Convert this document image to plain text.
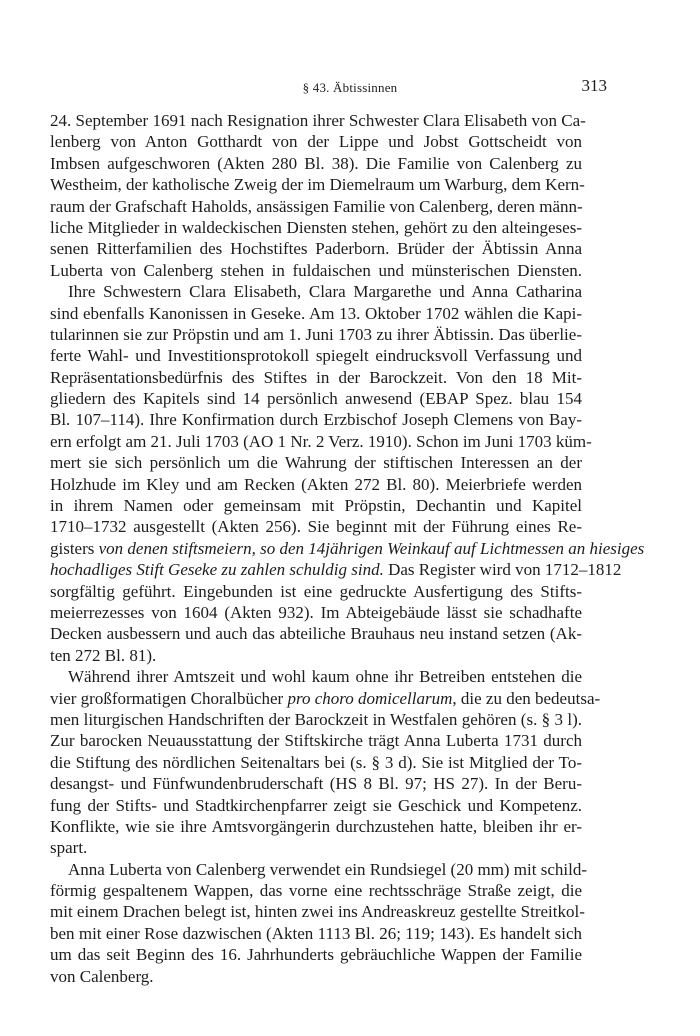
§ 43. Äbtissinnen	313
24. September 1691 nach Resignation ihrer Schwester Clara Elisabeth von Ca-
lenberg von Anton Gotthardt von der Lippe und Jobst Gottscheidt von
Imbsen aufgeschworen (Akten 280 Bl. 38). Die Familie von Calenberg zu
Westheim, der katholische Zweig der im Diemelraum um Warburg, dem Kern-
raum der Grafschaft Haholds, ansässigen Familie von Calenberg, deren männ-
liche Mitglieder in waldeckischen Diensten stehen, gehört zu den alteingeses-
senen Ritterfamilien des Hochstiftes Paderborn. Brüder der Äbtissin Anna
Luberta von Calenberg stehen in fuldaischen und münsterischen Diensten.
Ihre Schwestern Clara Elisabeth, Clara Margarethe und Anna Catharina
sind ebenfalls Kanonissen in Geseke. Am 13. Oktober 1702 wählen die Kapi-
tularinnen sie zur Pröpstin und am 1. Juni 1703 zu ihrer Äbtissin. Das überlie-
ferte Wahl- und Investitionsprotokoll spiegelt eindrucksvoll Verfassung und
Repräsentationsbedürfnis des Stiftes in der Barockzeit. Von den 18 Mit-
gliedern des Kapitels sind 14 persönlich anwesend (EBAP Spez. blau 154
Bl. 107–114). Ihre Konfirmation durch Erzbischof Joseph Clemens von Bay-
ern erfolgt am 21. Juli 1703 (AO 1 Nr. 2 Verz. 1910). Schon im Juni 1703 küm-
mert sie sich persönlich um die Wahrung der stiftischen Interessen an der
Holzhude im Kley und am Recken (Akten 272 Bl. 80). Meierbriefe werden
in ihrem Namen oder gemeinsam mit Pröpstin, Dechantin und Kapitel
1710–1732 ausgestellt (Akten 256). Sie beginnt mit der Führung eines Re-
gisters von denen stiftsmeiern, so den 14jährigen Weinkauf auf Lichtmessen an hiesiges
hochadliges Stift Geseke zu zahlen schuldig sind. Das Register wird von 1712–1812
sorgfältig geführt. Eingebunden ist eine gedruckte Ausfertigung des Stifts-
meierrezesses von 1604 (Akten 932). Im Abteigebäude lässt sie schadhafte
Decken ausbessern und auch das abteiliche Brauhaus neu instand setzen (Ak-
ten 272 Bl. 81).
Während ihrer Amtszeit und wohl kaum ohne ihr Betreiben entstehen die
vier großformatigen Choralbücher pro choro domicellarum, die zu den bedeutsa-
men liturgischen Handschriften der Barockzeit in Westfalen gehören (s. § 3 l).
Zur barocken Neuausstattung der Stiftskirche trägt Anna Luberta 1731 durch
die Stiftung des nördlichen Seitenaltars bei (s. § 3 d). Sie ist Mitglied der To-
desangst- und Fünfwundenbruderschaft (HS 8 Bl. 97; HS 27). In der Beru-
fung der Stifts- und Stadtkirchenpfarrer zeigt sie Geschick und Kompetenz.
Konflikte, wie sie ihre Amtsvorgängerin durchzustehen hatte, bleiben ihr er-
spart.
Anna Luberta von Calenberg verwendet ein Rundsiegel (20 mm) mit schild-
förmig gespaltenem Wappen, das vorne eine rechtsschräge Straße zeigt, die
mit einem Drachen belegt ist, hinten zwei ins Andreaskreuz gestellte Streitkol-
ben mit einer Rose dazwischen (Akten 1113 Bl. 26; 119; 143). Es handelt sich
um das seit Beginn des 16. Jahrhunderts gebräuchliche Wappen der Familie
von Calenberg.
